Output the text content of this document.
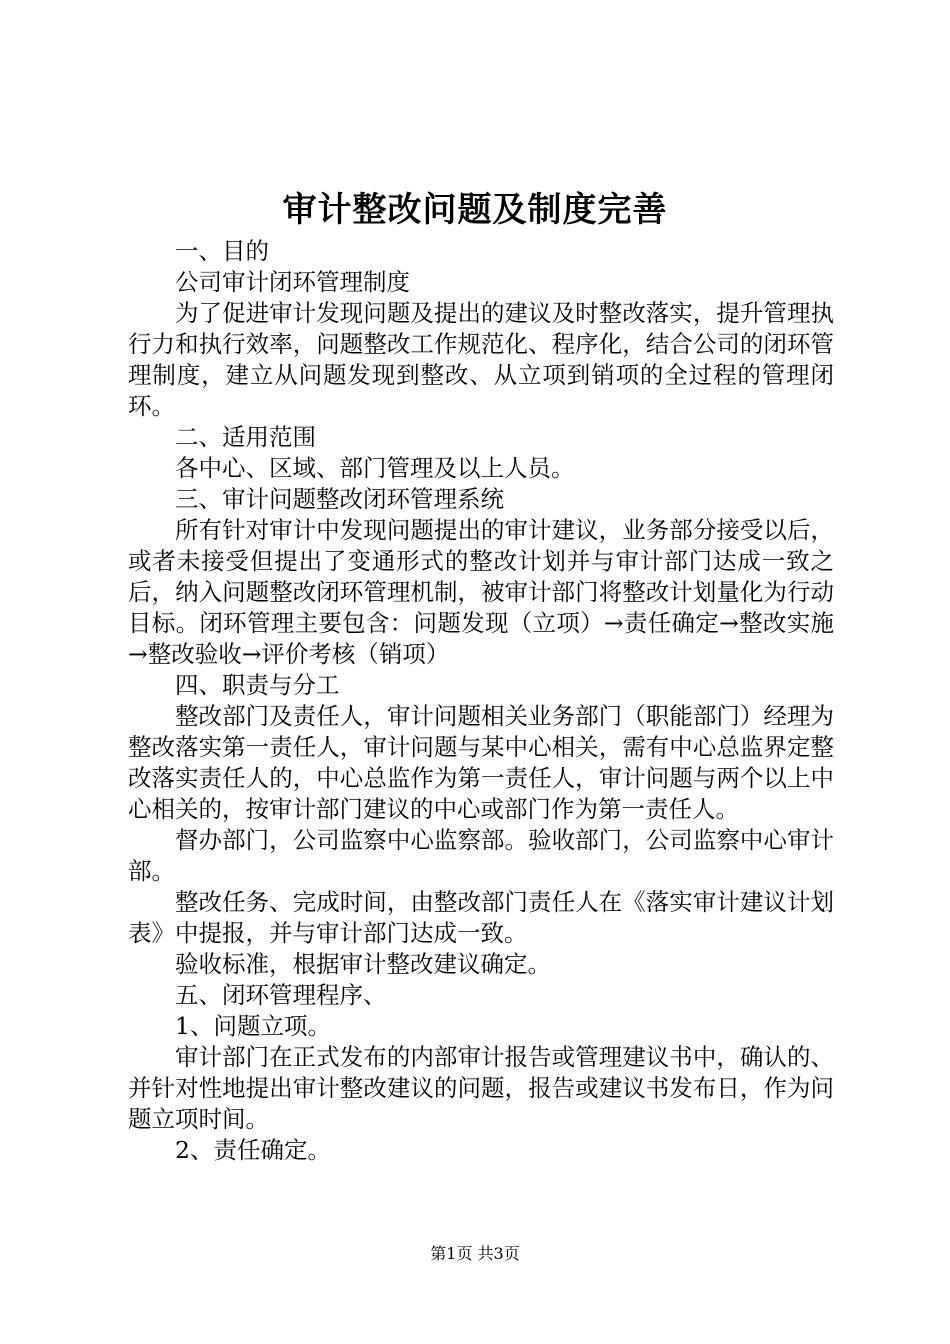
审计整改问题及制度完善

一、目的

公司审计闭环管理制度

为了促进审计发现问题及提出的建议及时整改落实，提升管理执行力和执行效率，问题整改工作规范化、程序化，结合公司的闭环管理制度，建立从问题发现到整改、从立项到销项的全过程的管理闭环。

二、适用范围

各中心、区域、部门管理及以上人员。

三、审计问题整改闭环管理系统

所有针对审计中发现问题提出的审计建议，业务部分接受以后，或者未接受但提出了变通形式的整改计划并与审计部门达成一致之后，纳入问题整改闭环管理机制，被审计部门将整改计划量化为行动目标。闭环管理主要包含：问题发现（立项）→责任确定→整改实施→整改验收→评价考核（销项）

四、职责与分工

整改部门及责任人，审计问题相关业务部门（职能部门）经理为整改落实第一责任人，审计问题与某中心相关，需有中心总监界定整改落实责任人的，中心总监作为第一责任人，审计问题与两个以上中心相关的，按审计部门建议的中心或部门作为第一责任人。

督办部门，公司监察中心监察部。验收部门，公司监察中心审计部。

整改任务、完成时间，由整改部门责任人在《落实审计建议计划表》中提报，并与审计部门达成一致。

验收标准，根据审计整改建议确定。

五、闭环管理程序、

1、问题立项。

审计部门在正式发布的内部审计报告或管理建议书中，确认的、并针对性地提出审计整改建议的问题，报告或建议书发布日，作为问题立项时间。

2、责任确定。

第1页 共3页
